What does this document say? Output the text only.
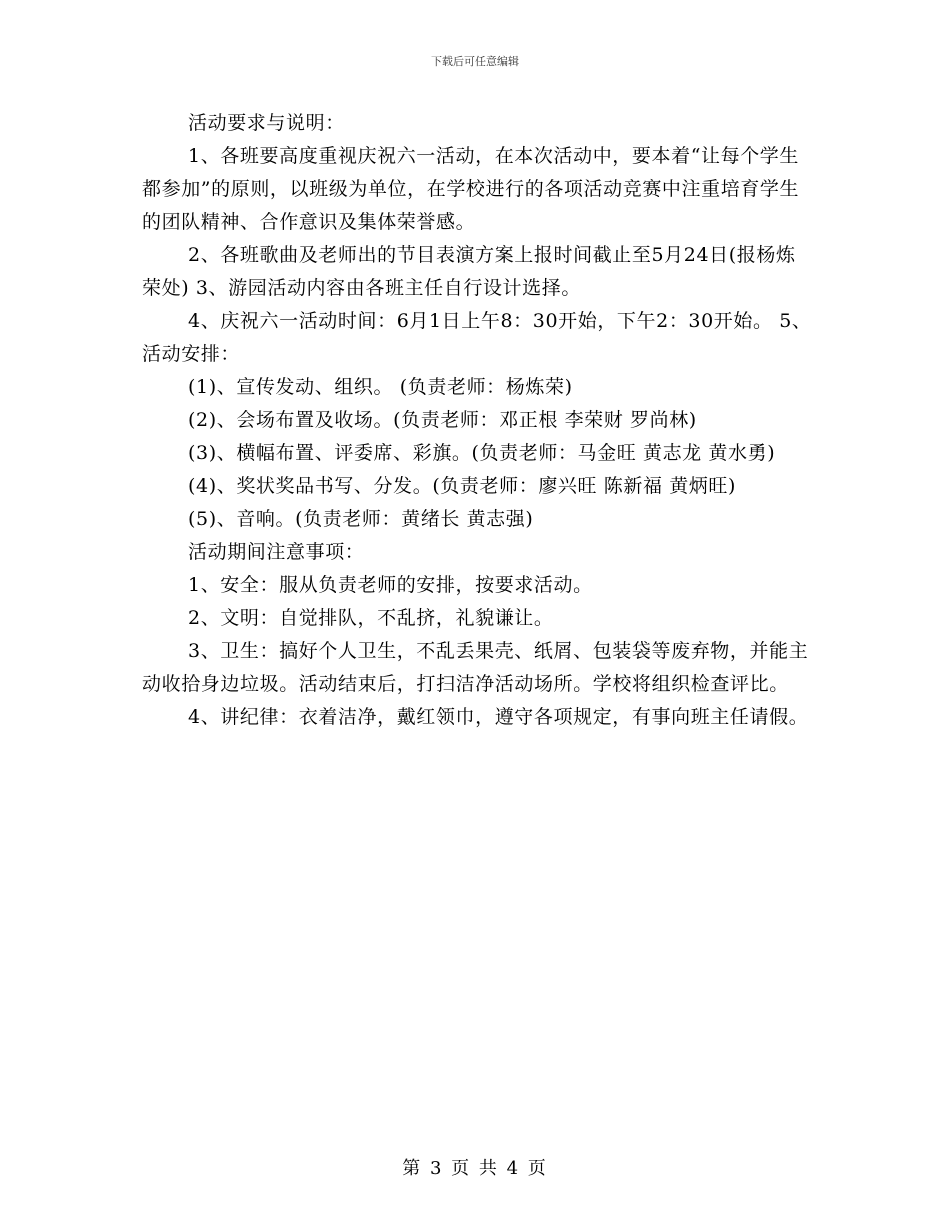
下载后可任意编辑

活动要求与说明：

1、各班要高度重视庆祝六一活动，在本次活动中，要本着“让每个学生都参加”的原则，以班级为单位，在学校进行的各项活动竞赛中注重培育学生的团队精神、合作意识及集体荣誉感。

2、各班歌曲及老师出的节目表演方案上报时间截止至5月24日(报杨炼荣处) 3、游园活动内容由各班主任自行设计选择。

4、庆祝六一活动时间：6月1日上午8：30开始，下午2：30开始。 5、活动安排：

(1)、宣传发动、组织。 (负责老师：杨炼荣)

(2)、会场布置及收场。(负责老师：邓正根 李荣财 罗尚林)

(3)、横幅布置、评委席、彩旗。(负责老师：马金旺 黄志龙 黄水勇)

(4)、奖状奖品书写、分发。(负责老师：廖兴旺 陈新福 黄炳旺)

(5)、音响。(负责老师：黄绪长 黄志强)

活动期间注意事项：

1、安全：服从负责老师的安排，按要求活动。

2、文明：自觉排队，不乱挤，礼貌谦让。

3、卫生：搞好个人卫生，不乱丢果壳、纸屑、包装袋等废弃物，并能主动收拾身边垃圾。活动结束后，打扫洁净活动场所。学校将组织检查评比。

4、讲纪律：衣着洁净，戴红领巾，遵守各项规定，有事向班主任请假。

第 3 页 共 4 页
